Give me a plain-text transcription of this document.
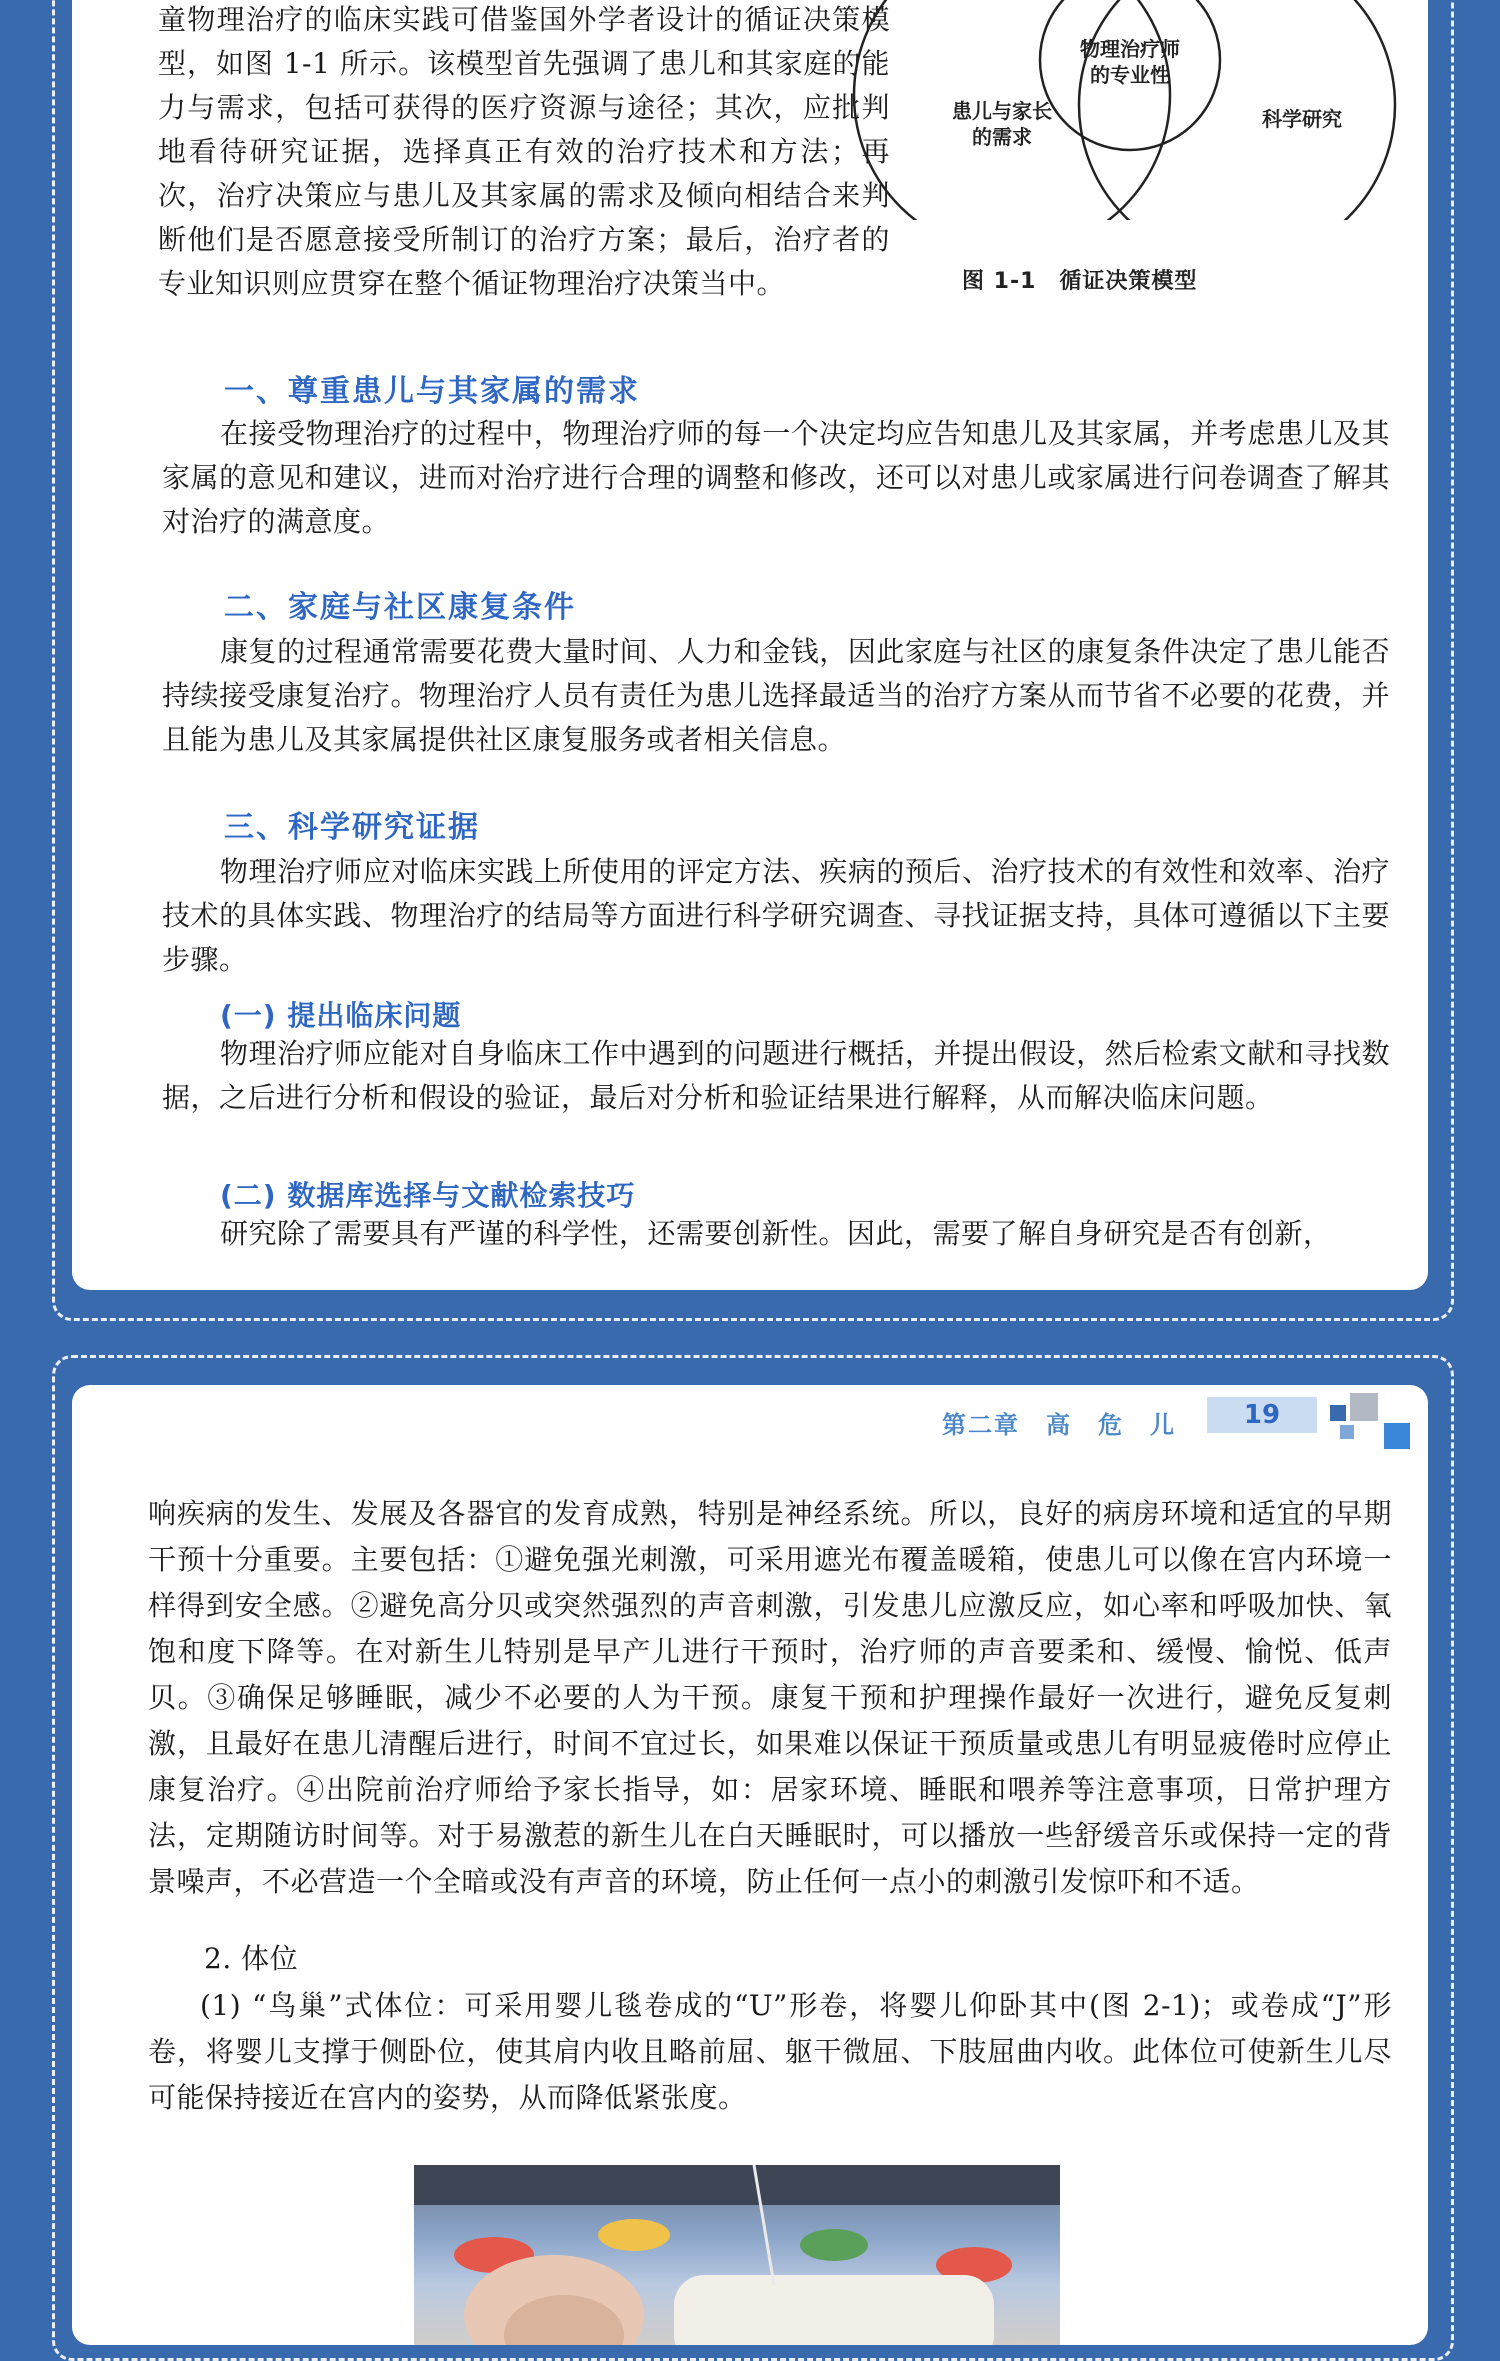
童物理治疗的临床实践可借鉴国外学者设计的循证决策模型，如图 1-1 所示。该模型首先强调了患儿和其家庭的能力与需求，包括可获得的医疗资源与途径；其次，应批判地看待研究证据，选择真正有效的治疗技术和方法；再次，治疗决策应与患儿及其家属的需求及倾向相结合来判断他们是否愿意接受所制订的治疗方案；最后，治疗者的专业知识则应贯穿在整个循证物理治疗决策当中。

物理治疗师
的专业性
患儿与家长
的需求
科学研究
图 1-1　循证决策模型
一、尊重患儿与其家属的需求

在接受物理治疗的过程中，物理治疗师的每一个决定均应告知患儿及其家属，并考虑患儿及其家属的意见和建议，进而对治疗进行合理的调整和修改，还可以对患儿或家属进行问卷调查了解其对治疗的满意度。

二、家庭与社区康复条件

康复的过程通常需要花费大量时间、人力和金钱，因此家庭与社区的康复条件决定了患儿能否持续接受康复治疗。物理治疗人员有责任为患儿选择最适当的治疗方案从而节省不必要的花费，并且能为患儿及其家属提供社区康复服务或者相关信息。

三、科学研究证据

物理治疗师应对临床实践上所使用的评定方法、疾病的预后、治疗技术的有效性和效率、治疗技术的具体实践、物理治疗的结局等方面进行科学研究调查、寻找证据支持，具体可遵循以下主要步骤。

(一) 提出临床问题

物理治疗师应能对自身临床工作中遇到的问题进行概括，并提出假设，然后检索文献和寻找数据，之后进行分析和假设的验证，最后对分析和验证结果进行解释，从而解决临床问题。

(二) 数据库选择与文献检索技巧

研究除了需要具有严谨的科学性，还需要创新性。因此，需要了解自身研究是否有创新，

第二章　高　危　儿	19

响疾病的发生、发展及各器官的发育成熟，特别是神经系统。所以，良好的病房环境和适宜的早期干预十分重要。主要包括：①避免强光刺激，可采用遮光布覆盖暖箱，使患儿可以像在宫内环境一样得到安全感。②避免高分贝或突然强烈的声音刺激，引发患儿应激反应，如心率和呼吸加快、氧饱和度下降等。在对新生儿特别是早产儿进行干预时，治疗师的声音要柔和、缓慢、愉悦、低声贝。③确保足够睡眠，减少不必要的人为干预。康复干预和护理操作最好一次进行，避免反复刺激，且最好在患儿清醒后进行，时间不宜过长，如果难以保证干预质量或患儿有明显疲倦时应停止康复治疗。④出院前治疗师给予家长指导，如：居家环境、睡眠和喂养等注意事项，日常护理方法，定期随访时间等。对于易激惹的新生儿在白天睡眠时，可以播放一些舒缓音乐或保持一定的背景噪声，不必营造一个全暗或没有声音的环境，防止任何一点小的刺激引发惊吓和不适。

2. 体位

(1) “鸟巢”式体位：可采用婴儿毯卷成的“U”形卷，将婴儿仰卧其中(图 2-1)；或卷成“J”形卷，将婴儿支撑于侧卧位，使其肩内收且略前屈、躯干微屈、下肢屈曲内收。此体位可使新生儿尽可能保持接近在宫内的姿势，从而降低紧张度。
